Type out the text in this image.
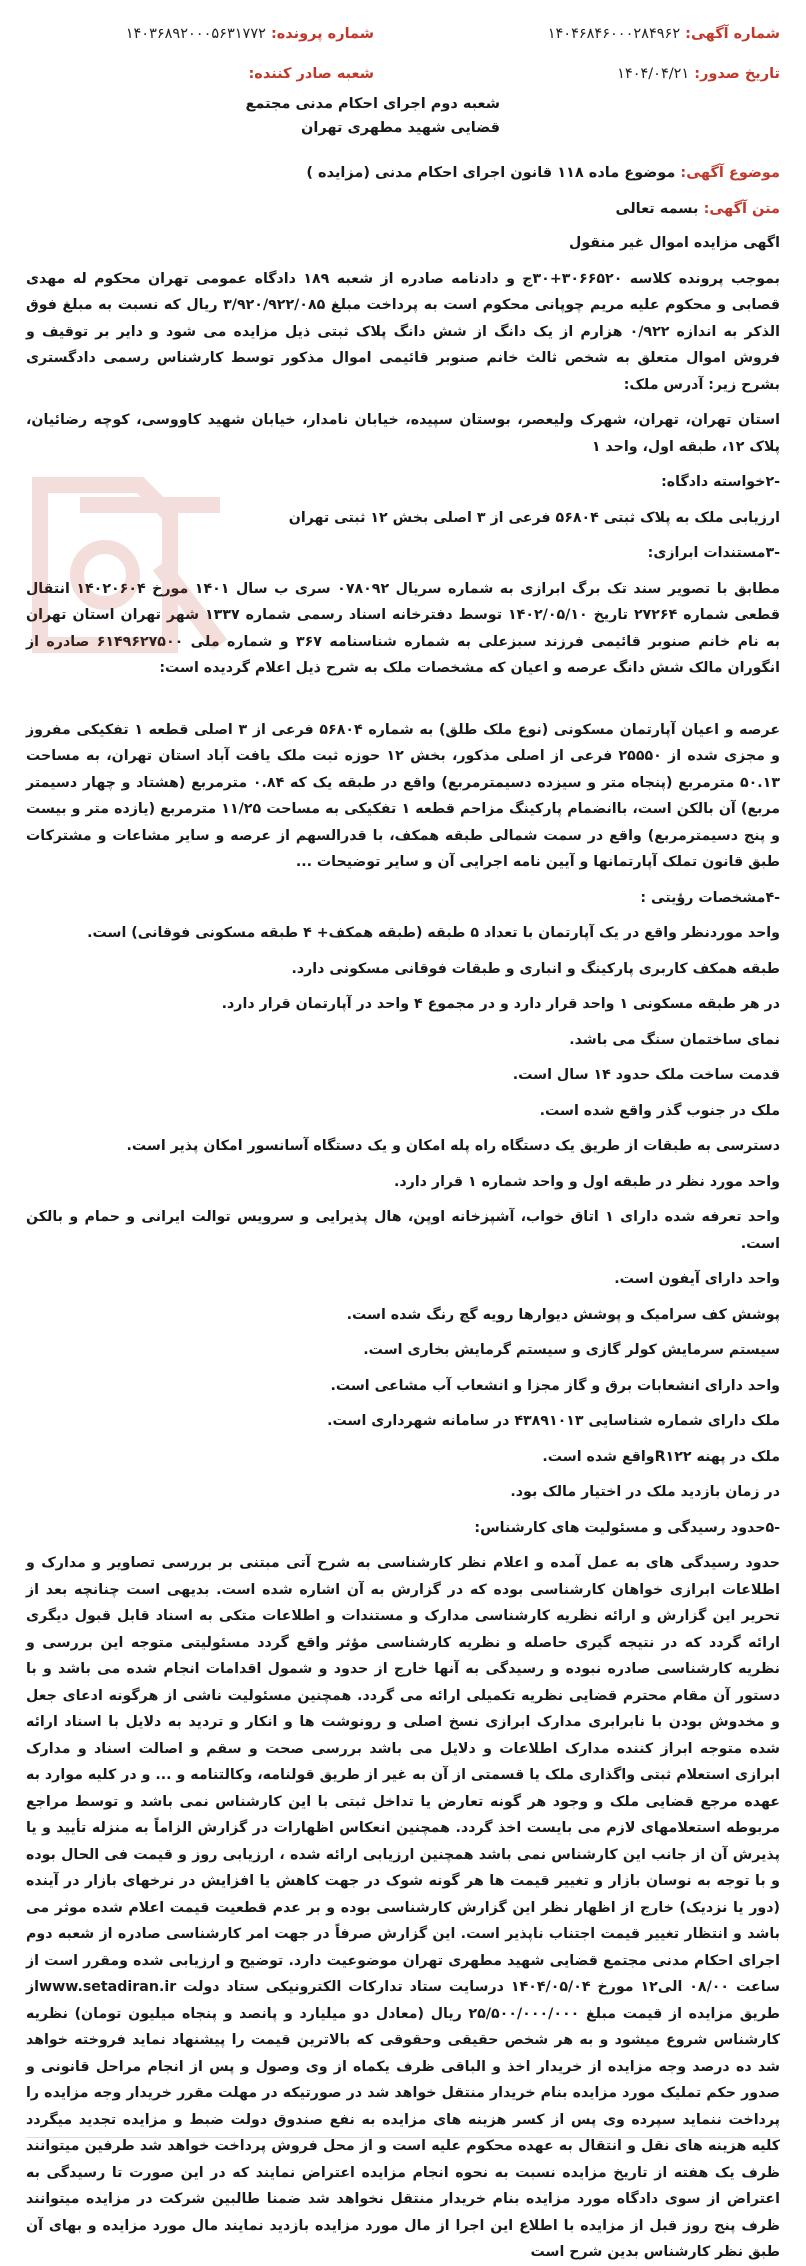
شماره آگهی: ۱۴۰۴۶۸۴۶۰۰۰۲۸۴۹۶۲
شماره پرونده: ۱۴۰۳۶۸۹۲۰۰۰۵۶۳۱۷۷۲
تاریخ صدور: ۱۴۰۴/۰۴/۲۱
شعبه صادر کننده:
شعبه دوم اجرای احکام مدنی مجتمع قضایی شهید مطهری تهران
موضوع آگهی: موضوع ماده ۱۱۸ قانون اجرای احکام مدنی (مزایده )
متن آگهی: بسمه تعالی

اگهی مزایده اموال غیر منقول

بموجب پرونده کلاسه ۳۰۶۶۵۲۰+۳۰ج و دادنامه صادره از شعبه ۱۸۹ دادگاه عمومی تهران محکوم له مهدی قصابی و محکوم علیه مریم چوپانی محکوم است به پرداخت مبلغ ۳/۹۲۰/۹۲۲/۰۸۵ ریال که نسبت به مبلغ فوق الذکر به اندازه ۰/۹۲۲ هزارم از یک دانگ از شش دانگ پلاک ثبتی ذیل مزایده می شود و دایر بر توقیف و فروش اموال متعلق به شخص ثالث خانم صنوبر قائیمی اموال مذکور توسط کارشناس رسمی دادگستری بشرح زیر: آدرس ملک:

استان تهران، تهران، شهرک ولیعصر، بوستان سپیده، خیابان نامدار، خیابان شهید کاووسی، کوچه رضائیان، پلاک ۱۲، طبقه اول، واحد ۱

-۲خواسته دادگاه:

ارزیابی ملک به پلاک ثبتی ۵۶۸۰۴ فرعی از ۳ اصلی بخش ۱۲ ثبتی تهران

-۳مستندات ابرازی:

مطابق با تصویر سند تک برگ ابرازی به شماره سریال ۰۷۸۰۹۲ سری ب سال ۱۴۰۱ مورخ ۱۴۰۲۰۶۰۴ انتقال قطعی شماره ۲۷۲۶۴ تاریخ ۱۴۰۲/۰۵/۱۰ توسط دفترخانه اسناد رسمی شماره ۱۳۳۷ شهر تهران استان تهران به نام خانم صنوبر قائیمی فرزند سبزعلی به شماره شناسنامه ۳۶۷ و شماره ملی ۶۱۴۹۶۲۷۵۰۰ صادره از انگوران مالک شش دانگ عرصه و اعیان که مشخصات ملک به شرح ذیل اعلام گردیده است:

عرصه و اعیان آپارتمان مسکونی (نوع ملک طلق) به شماره ۵۶۸۰۴ فرعی از ۳ اصلی قطعه ۱ تفکیکی مفروز و مجزی شده از ۲۵۵۵۰ فرعی از اصلی مذکور، بخش ۱۲ حوزه ثبت ملک یافت آباد استان تهران، به مساحت ۵۰.۱۳ مترمربع (پنجاه متر و سیزده دسیمترمربع) واقع در طبقه یک که ۰.۸۴ مترمربع (هشتاد و چهار دسیمتر مربع) آن بالکن است، باانضمام پارکینگ مزاحم قطعه ۱ تفکیکی به مساحت ۱۱/۲۵ مترمربع (یازده متر و بیست و پنج دسیمترمربع) واقع در سمت شمالی طبقه همکف، با قدرالسهم از عرصه و سایر مشاعات و مشترکات طبق قانون تملک آپارتمانها و آیین نامه اجرایی آن و سایر توضیحات ...

-۴مشخصات رؤیتی :

واحد موردنظر واقع در یک آپارتمان با تعداد ۵ طبقه (طبقه همکف+ ۴ طبقه مسکونی فوقانی) است.

طبقه همکف کاربری پارکینگ و انباری و طبقات فوقانی مسکونی دارد.

در هر طبقه مسکونی ۱ واحد قرار دارد و در مجموع ۴ واحد در آپارتمان قرار دارد.

نمای ساختمان سنگ می باشد.

قدمت ساخت ملک حدود ۱۴ سال است.

ملک در جنوب گذر واقع شده است.

دسترسی به طبقات از طریق یک دستگاه راه پله امکان و یک دستگاه آسانسور امکان پذیر است.

واحد مورد نظر در طبقه اول و واحد شماره ۱ قرار دارد.

واحد تعرفه شده دارای ۱ اتاق خواب، آشپزخانه اوپن، هال پذیرایی و سرویس توالت ایرانی و حمام و بالکن است.

واحد دارای آیفون است.

پوشش کف سرامیک و پوشش دیوارها رویه گچ رنگ شده است.

سیستم سرمایش کولر گازی و سیستم گرمایش بخاری است.

واحد دارای انشعابات برق و گاز مجزا و انشعاب آب مشاعی است.

ملک دارای شماره شناسایی ۴۳۸۹۱۰۱۳ در سامانه شهرداری است.

ملک در پهنه R۱۲۲واقع شده است.

در زمان بازدید ملک در اختیار مالک بود.

-۵حدود رسیدگی و مسئولیت های کارشناس:

حدود رسیدگی های به عمل آمده و اعلام نظر کارشناسی به شرح آتی مبتنی بر بررسی تصاویر و مدارک و اطلاعات ابرازی خواهان کارشناسی بوده که در گزارش به آن اشاره شده است. بدیهی است چنانچه بعد از تحریر این گزارش و ارائه نظریه کارشناسی مدارک و مستندات و اطلاعات متکی به اسناد قابل قبول دیگری ارائه گردد که در نتیجه گیری حاصله و نظریه کارشناسی مؤثر واقع گردد مسئولیتی متوجه این بررسی و نظریه کارشناسی صادره نبوده و رسیدگی به آنها خارج از حدود و شمول اقدامات انجام شده می باشد و با دستور آن مقام محترم قضایی نظریه تکمیلی ارائه می گردد. همچنین مسئولیت ناشی از هرگونه ادعای جعل و مخدوش بودن با نابرابری مدارک ابرازی نسخ اصلی و رونوشت ها و انکار و تردید به دلایل با اسناد ارائه شده متوجه ابراز کننده مدارک اطلاعات و دلایل می باشد بررسی صحت و سقم و اصالت اسناد و مدارک ابرازی استعلام ثبتی واگذاری ملک یا قسمتی از آن به غیر از طریق قولنامه، وکالتنامه و ... و در کلیه موارد به عهده مرجع قضایی ملک و وجود هر گونه تعارض یا تداخل ثبتی با این کارشناس نمی باشد و توسط مراجع مربوطه استعلامهای لازم می بایست اخذ گردد. همچنین انعکاس اظهارات در گزارش الزاماً به منزله تأیید و یا پذیرش آن از جانب این کارشناس نمی باشد همچنین ارزیابی ارائه شده ، ارزیابی روز و قیمت فی الحال بوده و با توجه به نوسان بازار و تغییر قیمت ها هر گونه شوک در جهت کاهش یا افزایش در نرخهای بازار در آینده (دور یا نزدیک) خارج از اظهار نظر این گزارش کارشناسی بوده و بر عدم قطعیت قیمت اعلام شده موثر می باشد و انتظار تغییر قیمت اجتناب ناپذیر است. این گزارش صرفاً در جهت امر کارشناسی صادره از شعبه دوم اجرای احکام مدنی مجتمع قضایی شهید مطهری تهران موضوعیت دارد. توضیح و ارزیابی شده ومقرر است از ساعت ۰۸/۰۰ الی۱۲ مورخ ۱۴۰۴/۰۵/۰۴ درسایت ستاد تدارکات الکترونیکی ستاد دولت www.setadiran.irاز طریق مزایده از قیمت مبلغ ۲۵/۵۰۰/۰۰۰/۰۰۰ ریال (معادل دو میلیارد و پانصد و پنجاه میلیون تومان) نظریه کارشناس شروع میشود و به هر شخص حقیقی وحقوقی که بالاترین قیمت را پیشنهاد نماید فروخته خواهد شد ده درصد وجه مزایده از خریدار اخذ و الباقی ظرف یکماه از وی وصول و پس از انجام مراحل قانونی و صدور حکم تملیک مورد مزایده بنام خریدار منتقل خواهد شد در صورتیکه در مهلت مقرر خریدار وجه مزایده را پرداخت ننماید سپرده وی پس از کسر هزینه های مزایده به نفع صندوق دولت ضبط و مزایده تجدید میگردد کلیه هزینه های نقل و انتقال به عهده محکوم علیه است و از محل فروش پرداخت خواهد شد طرفین میتوانند ظرف یک هفته از تاریخ مزایده نسبت به نحوه انجام مزایده اعتراض نمایند که در این صورت تا رسیدگی به اعتراض از سوی دادگاه مورد مزایده بنام خریدار منتقل نخواهد شد ضمنا طالبین شرکت در مزایده میتوانند ظرف پنج روز قبل از مزایده با اطلاع این اجرا از مال مورد مزایده بازدید نمایند مال مورد مزایده و بهای آن طبق نظر کارشناس بدین شرح است
